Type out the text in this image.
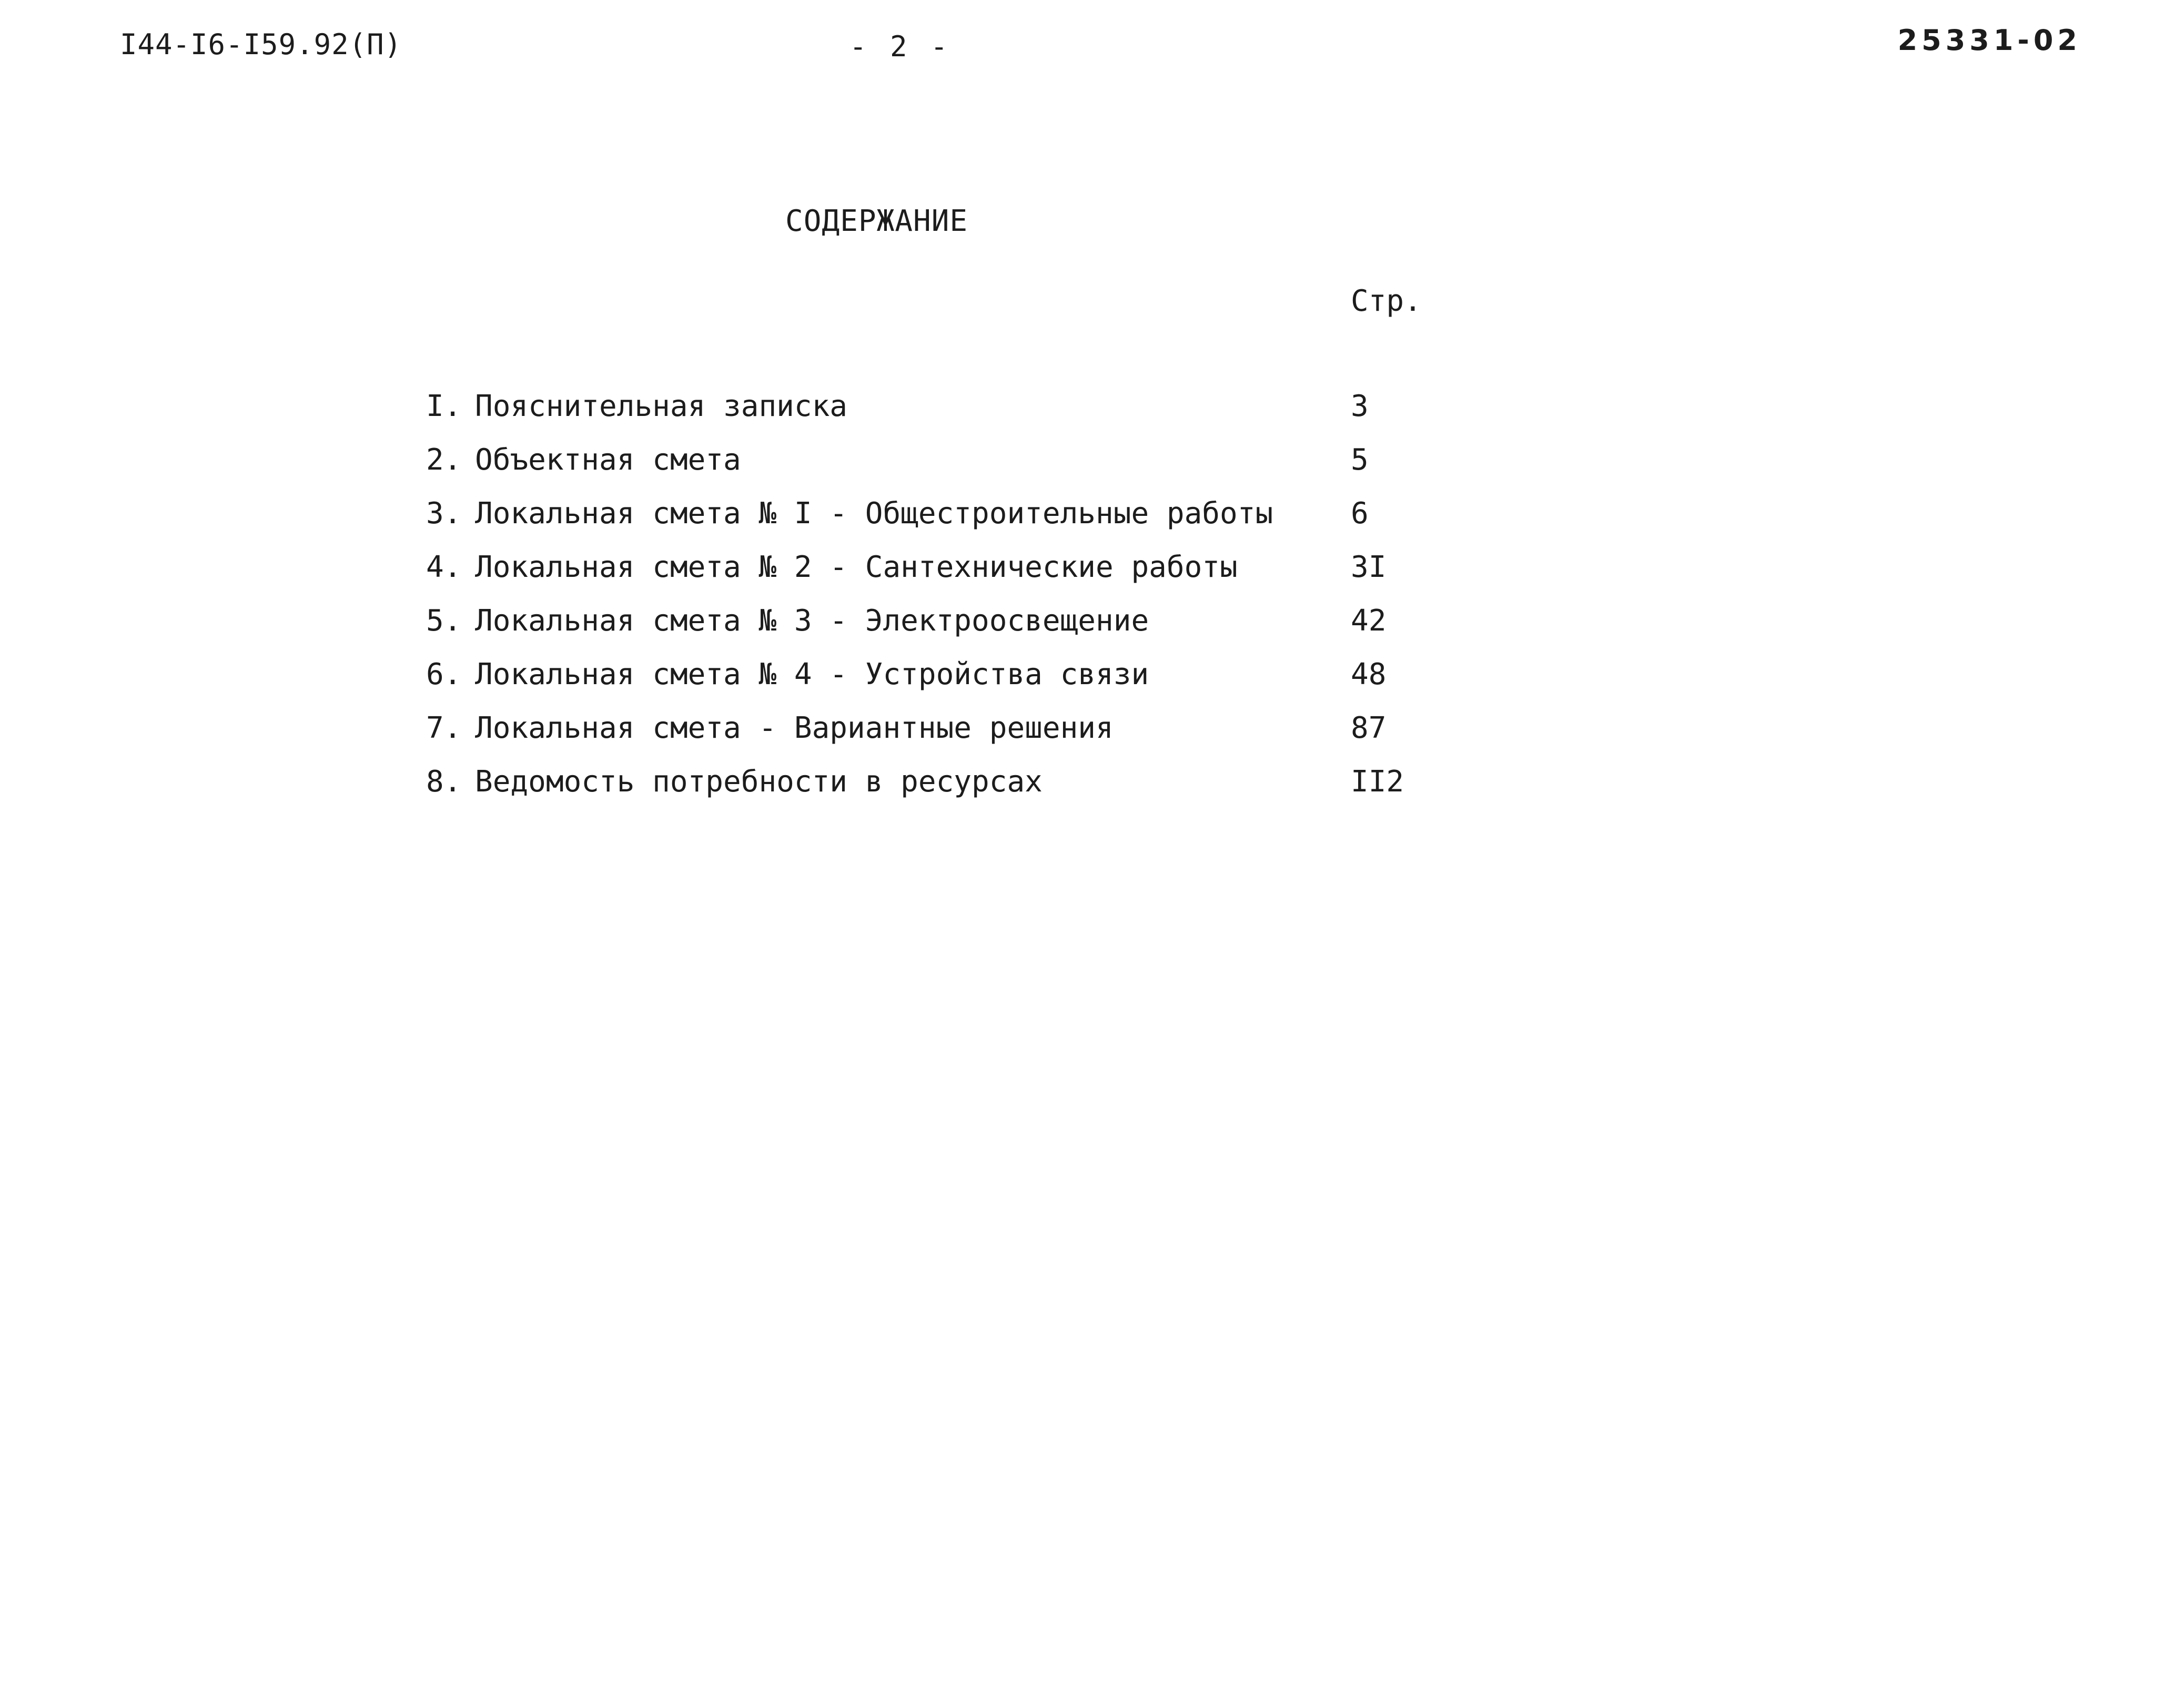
I44-I6-I59.92(П)	- 2 -	25331-02
СОДЕРЖАНИЕ
Стр.
I. Пояснительная записка	3
2. Объектная смета	5
3. Локальная смета № I - Общестроительные работы	6
4. Локальная смета № 2 - Сантехнические работы	3I
5. Локальная смета № 3 - Электроосвещение	42
6. Локальная смета № 4 - Устройства связи	48
7. Локальная смета - Вариантные решения	87
8. Ведомость потребности в ресурсах	II2
